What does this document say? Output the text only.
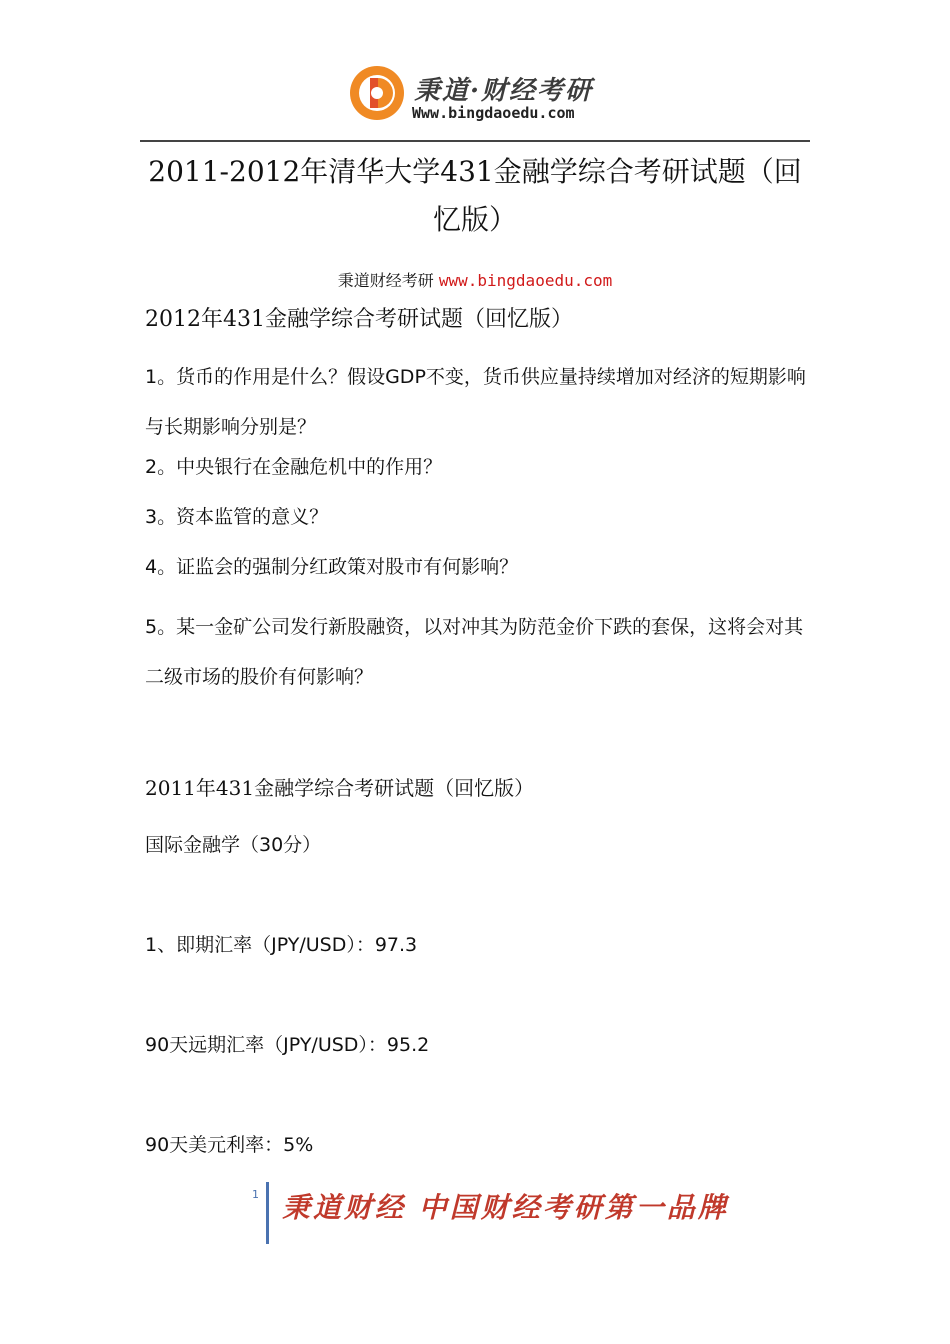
秉道·财经考研
Www.bingdaoedu.com
2011-2012年清华大学431金融学综合考研试题（回忆版）
秉道财经考研 www.bingdaoedu.com
2012年431金融学综合考研试题（回忆版）
1。货币的作用是什么？假设GDP不变，货币供应量持续增加对经济的短期影响与长期影响分别是？
2。中央银行在金融危机中的作用？
3。资本监管的意义？
4。证监会的强制分红政策对股市有何影响？
5。某一金矿公司发行新股融资，以对冲其为防范金价下跌的套保，这将会对其二级市场的股价有何影响？
2011年431金融学综合考研试题（回忆版）
国际金融学（30分）
1、即期汇率（JPY/USD）：97.3
90天远期汇率（JPY/USD）：95.2
90天美元利率：5%
1 秉道财经 中国财经考研第一品牌
